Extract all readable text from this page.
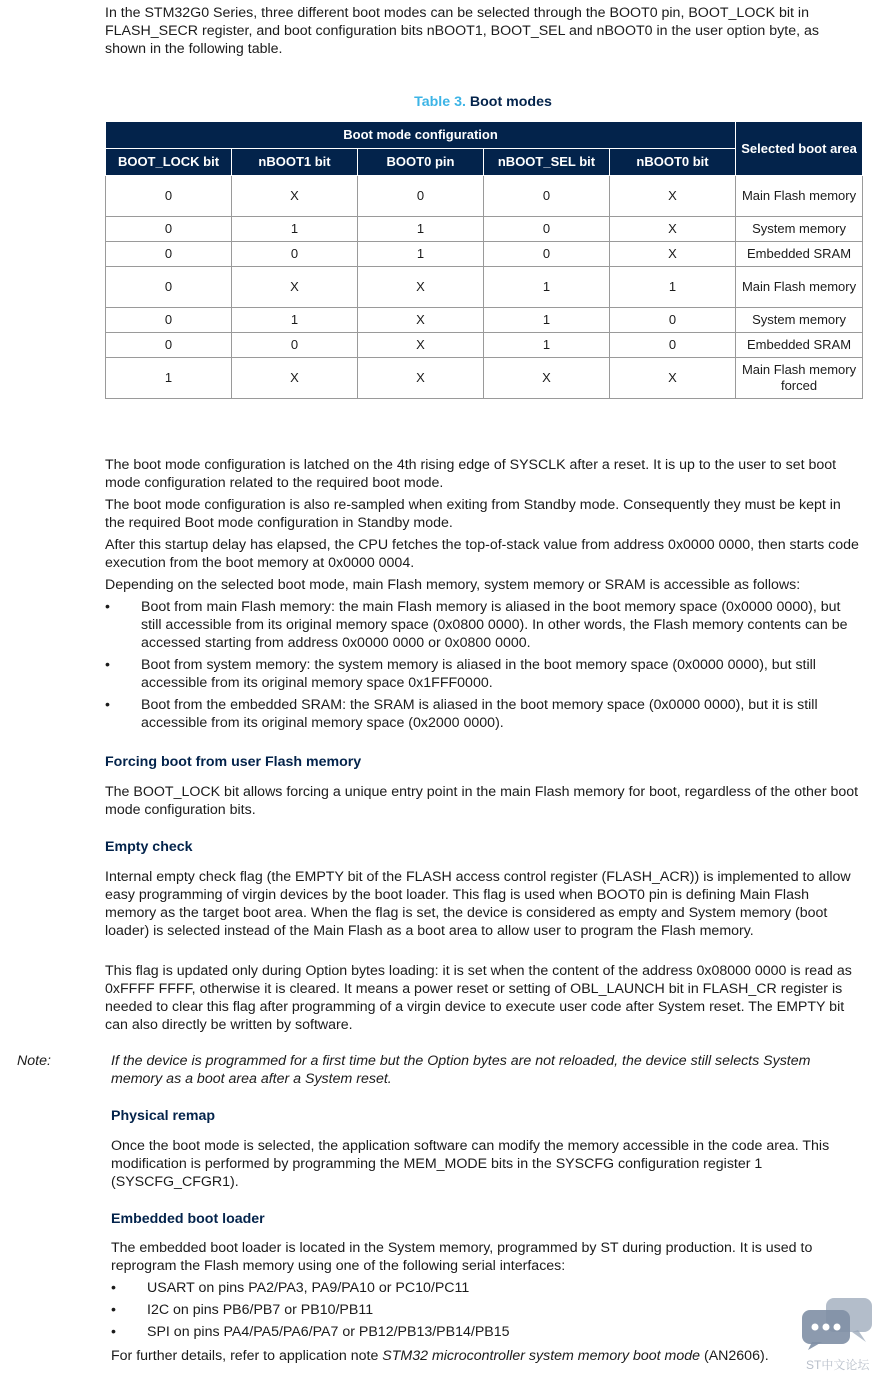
In the STM32G0 Series, three different boot modes can be selected through the BOOT0 pin, BOOT_LOCK bit in FLASH_SECR register, and boot configuration bits nBOOT1, BOOT_SEL and nBOOT0 in the user option byte, as shown in the following table.

Table 3. Boot modes
Boot mode configuration					Selected boot area
BOOT_LOCK bit	nBOOT1 bit	BOOT0 pin	nBOOT_SEL bit	nBOOT0 bit	
0	X	0	0	X	Main Flash memory
0	1	1	0	X	System memory
0	0	1	0	X	Embedded SRAM
0	X	X	1	1	Main Flash memory
0	1	X	1	0	System memory
0	0	X	1	0	Embedded SRAM
1	X	X	X	X	Main Flash memory forced

The boot mode configuration is latched on the 4th rising edge of SYSCLK after a reset. It is up to the user to set boot mode configuration related to the required boot mode.

The boot mode configuration is also re-sampled when exiting from Standby mode. Consequently they must be kept in the required Boot mode configuration in Standby mode.

After this startup delay has elapsed, the CPU fetches the top-of-stack value from address 0x0000 0000, then starts code execution from the boot memory at 0x0000 0004.

Depending on the selected boot mode, main Flash memory, system memory or SRAM is accessible as follows:

• Boot from main Flash memory: the main Flash memory is aliased in the boot memory space (0x0000 0000), but still accessible from its original memory space (0x0800 0000). In other words, the Flash memory contents can be accessed starting from address 0x0000 0000 or 0x0800 0000.
• Boot from system memory: the system memory is aliased in the boot memory space (0x0000 0000), but still accessible from its original memory space 0x1FFF0000.
• Boot from the embedded SRAM: the SRAM is aliased in the boot memory space (0x0000 0000), but it is still accessible from its original memory space (0x2000 0000).
Forcing boot from user Flash memory

The BOOT_LOCK bit allows forcing a unique entry point in the main Flash memory for boot, regardless of the other boot mode configuration bits.

Empty check

Internal empty check flag (the EMPTY bit of the FLASH access control register (FLASH_ACR)) is implemented to allow easy programming of virgin devices by the boot loader. This flag is used when BOOT0 pin is defining Main Flash memory as the target boot area. When the flag is set, the device is considered as empty and System memory (boot loader) is selected instead of the Main Flash as a boot area to allow user to program the Flash memory.

This flag is updated only during Option bytes loading: it is set when the content of the address 0x08000 0000 is read as 0xFFFF FFFF, otherwise it is cleared. It means a power reset or setting of OBL_LAUNCH bit in FLASH_CR register is needed to clear this flag after programming of a virgin device to execute user code after System reset. The EMPTY bit can also directly be written by software.

Note:	If the device is programmed for a first time but the Option bytes are not reloaded, the device still selects System memory as a boot area after a System reset.

Physical remap

Once the boot mode is selected, the application software can modify the memory accessible in the code area. This modification is performed by programming the MEM_MODE bits in the SYSCFG configuration register 1 (SYSCFG_CFGR1).

Embedded boot loader

The embedded boot loader is located in the System memory, programmed by ST during production. It is used to reprogram the Flash memory using one of the following serial interfaces:

• USART on pins PA2/PA3, PA9/PA10 or PC10/PC11
• I2C on pins PB6/PB7 or PB10/PB11
• SPI on pins PA4/PA5/PA6/PA7 or PB12/PB13/PB14/PB15

For further details, refer to application note STM32 microcontroller system memory boot mode (AN2606).

ST中文论坛
